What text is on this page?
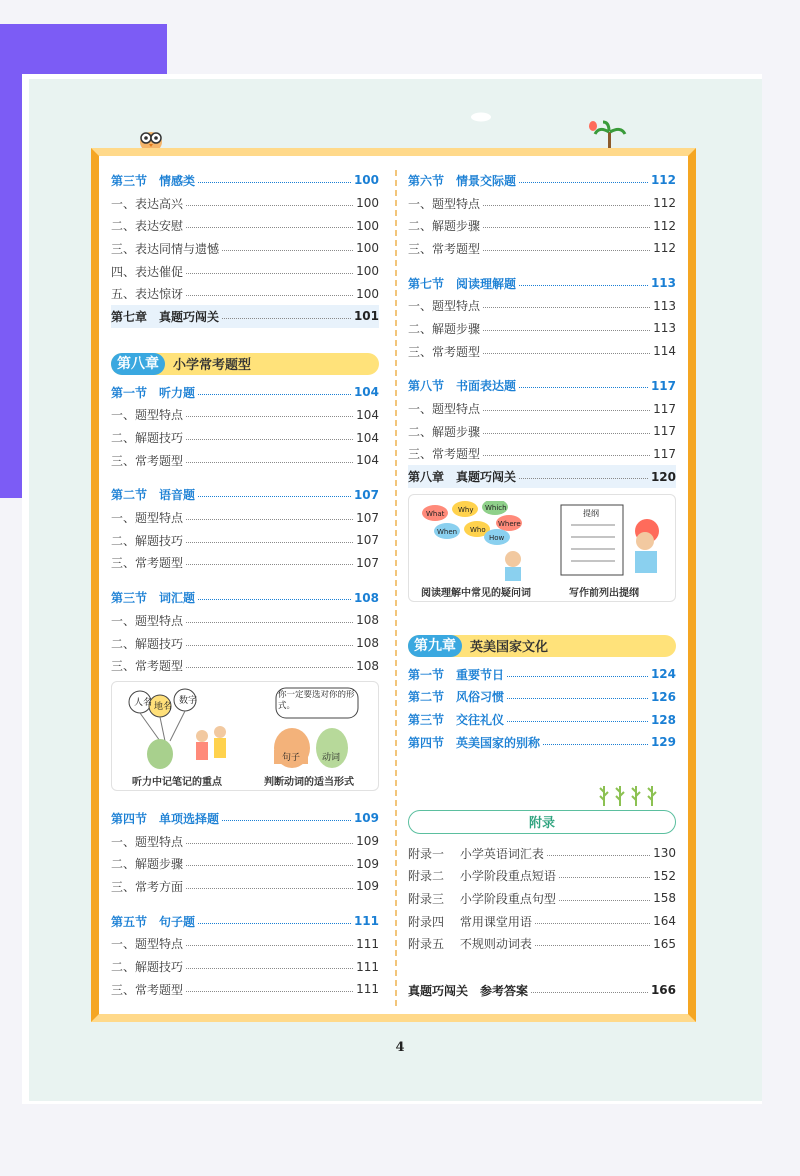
第三节　情感类	100
一、表达高兴	100
二、表达安慰	100
三、表达同情与遗憾	100
四、表达催促	100
五、表达惊讶	100
第七章　真题巧闯关	101
第八章	小学常考题型
第一节　听力题	104
一、题型特点	104
二、解题技巧	104
三、常考题型	104
第二节　语音题	107
一、题型特点	107
二、解题技巧	107
三、常考题型	107
第三节　词汇题	108
一、题型特点	108
二、解题技巧	108
三、常考题型	108
人名 地名
数字
你一定要选对你的形式。
句子 动词
听力中记笔记的重点	判断动词的适当形式
第四节　单项选择题	109
一、题型特点	109
二、解题步骤	109
三、常考方面	109
第五节　句子题	111
一、题型特点	111
二、解题技巧	111
三、常考题型	111
第六节　情景交际题	112
一、题型特点	112
二、解题步骤	112
三、常考题型	112
第七节　阅读理解题	113
一、题型特点	113
二、解题步骤	113
三、常考题型	114
第八节　书面表达题	117
一、题型特点	117
二、解题步骤	117
三、常考题型	117
第八章　真题巧闯关	120
What Why Which
Where
When Who
How
提纲
阅读理解中常见的疑问词	写作前列出提纲
第九章	英美国家文化
第一节　重要节日	124
第二节　风俗习惯	126
第三节　交往礼仪	128
第四节　英美国家的别称	129
附录
附录一　 小学英语词汇表	130
附录二　 小学阶段重点短语	152
附录三　 小学阶段重点句型	158
附录四　 常用课堂用语	164
附录五　 不规则动词表	165
真题巧闯关　参考答案	166
4
